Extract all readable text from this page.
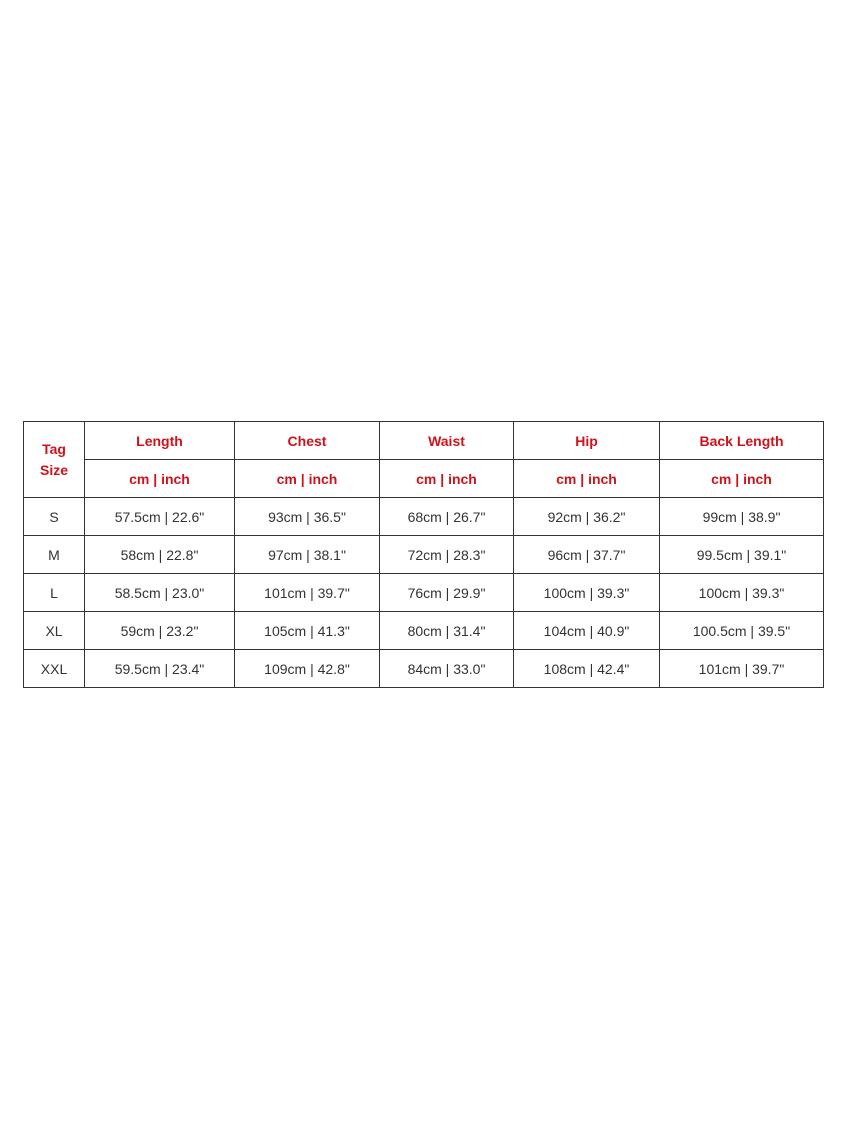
Tag
Size	Length	Chest	Waist	Hip	Back Length
	cm | inch	cm | inch	cm | inch	cm | inch	cm | inch
S	57.5cm | 22.6"	93cm | 36.5"	68cm | 26.7"	92cm | 36.2"	99cm | 38.9"
M	58cm | 22.8"	97cm | 38.1"	72cm | 28.3"	96cm | 37.7"	99.5cm | 39.1"
L	58.5cm | 23.0"	101cm | 39.7"	76cm | 29.9"	100cm | 39.3"	100cm | 39.3"
XL	59cm | 23.2"	105cm | 41.3"	80cm | 31.4"	104cm | 40.9"	100.5cm | 39.5"
XXL	59.5cm | 23.4"	109cm | 42.8"	84cm | 33.0"	108cm | 42.4"	101cm | 39.7"
